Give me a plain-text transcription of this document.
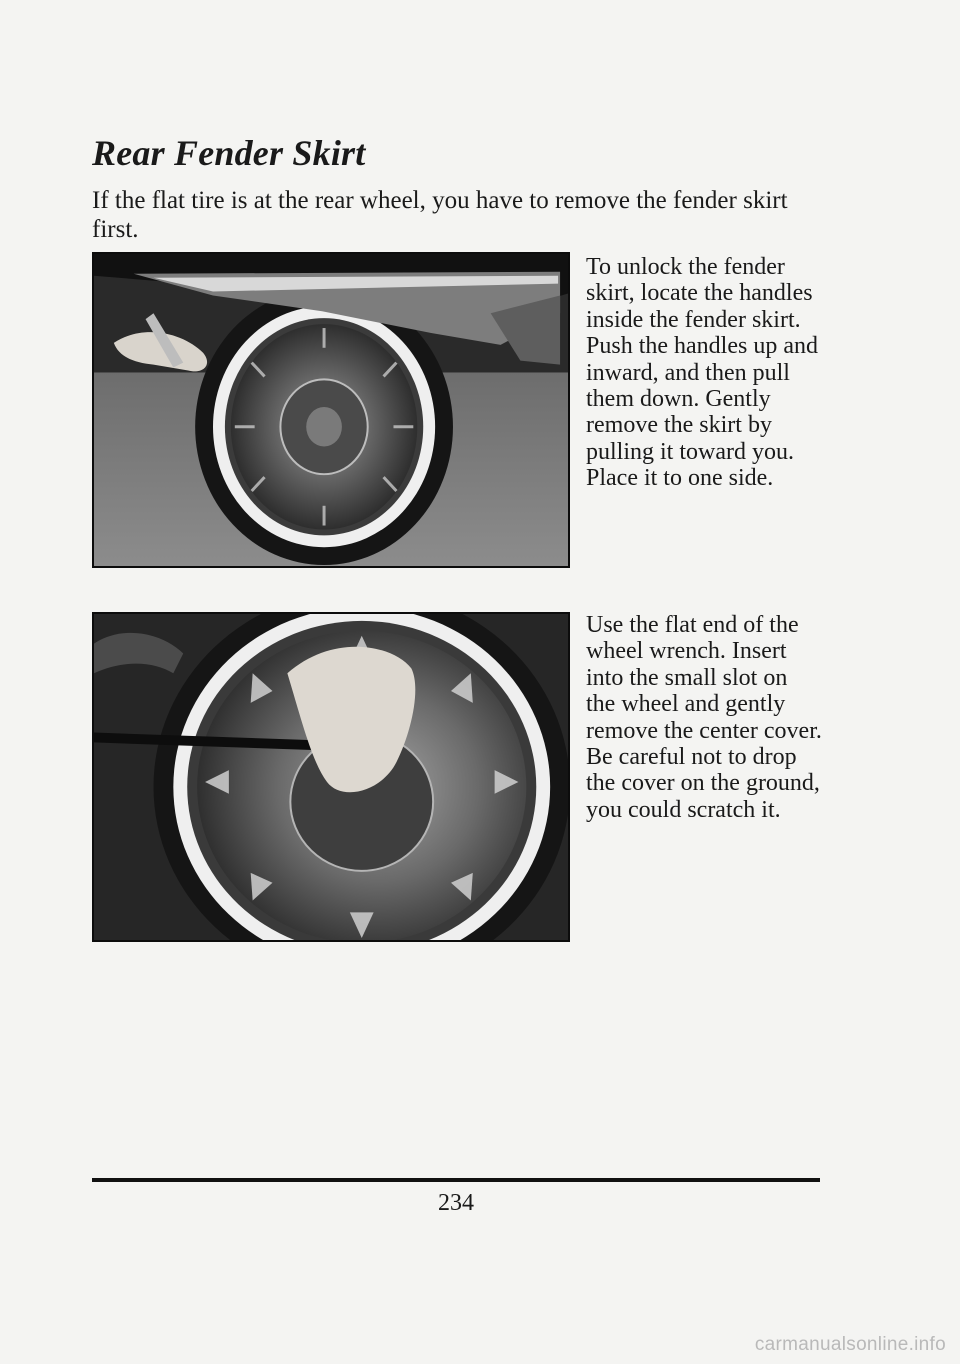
Rear Fender Skirt
If the flat tire is at the rear wheel, you have to remove the fender skirt first.
To unlock the fender skirt, locate the handles inside the fender skirt. Push the handles up and inward, and then pull them down. Gently remove the skirt by pulling it toward you. Place it to one side.
Use the flat end of the wheel wrench. Insert into the small slot on the wheel and gently remove the center cover. Be careful not to drop the cover on the ground, you could scratch it.
234
carmanualsonline.info
